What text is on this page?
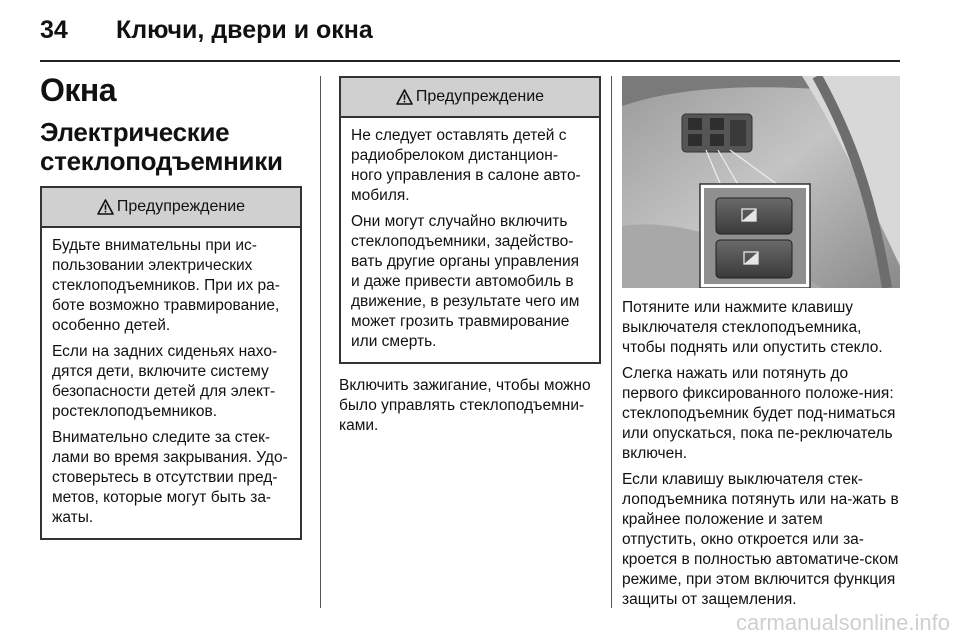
34 Ключи, двери и окна
Окна
Электрические
стеклоподъемники
Предупреждение

Будьте внимательны при ис-пользовании электрических стеклоподъемников. При их ра-боте возможно травмирование, особенно детей.

Если на задних сиденьях нахо-дятся дети, включите систему безопасности детей для элект-ростеклоподъемников.

Внимательно следите за стек-лами во время закрывания. Удо-стоверьтесь в отсутствии пред-метов, которые могут быть за-жаты.

Предупреждение

Не следует оставлять детей с радиобрелоком дистанцион-ного управления в салоне авто-мобиля.

Они могут случайно включить стеклоподъемники, задейство-вать другие органы управления и даже привести автомобиль в движение, в результате чего им может грозить травмирование или смерть.

Включить зажигание, чтобы можно было управлять стеклоподъемни-ками.

Потяните или нажмите клавишу выключателя стеклоподъемника, чтобы поднять или опустить стекло.

Слегка нажать или потянуть до первого фиксированного положе-ния: стеклоподъемник будет под-ниматься или опускаться, пока пе-реключатель включен.

Если клавишу выключателя стек-лоподъемника потянуть или на-жать в крайнее положение и затем отпустить, окно откроется или за-кроется в полностью автоматиче-ском режиме, при этом включится функция защиты от защемления.

carmanualsonline.info
